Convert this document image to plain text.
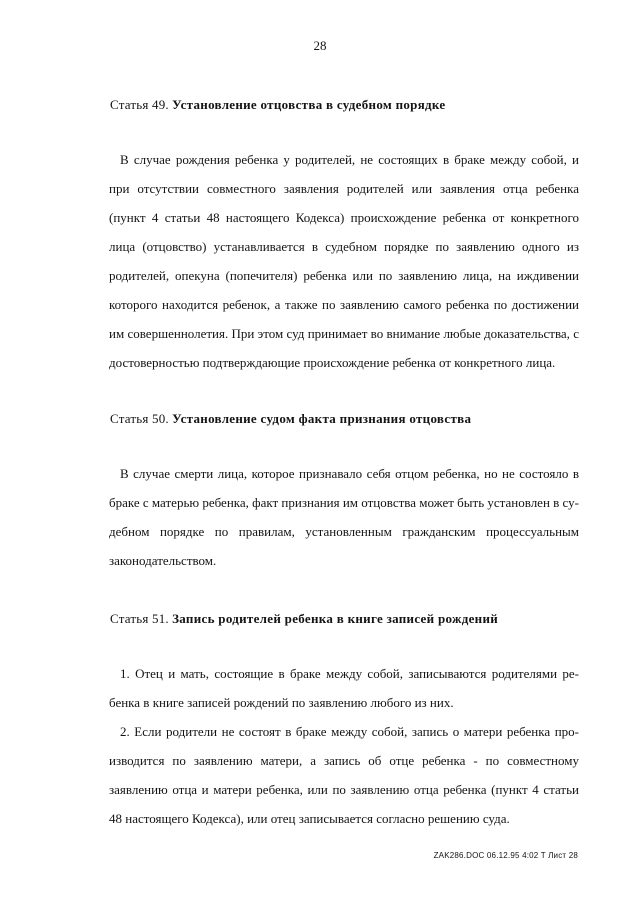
28
Статья 49. Установление отцовства в судебном порядке

В случае рождения ребенка у родителей, не состоящих в браке между собой, и при отсутствии совместного заявления родителей или заявления отца ребенка (пункт 4 статьи 48 настоящего Кодекса) происхождение ребенка от конкретного лица (отцовство) устанавливается в судебном порядке по заявлению одного из родителей, опекуна (попечителя) ребенка или по заявлению лица, на иждивении которого находится ребенок, а также по заявлению самого ребенка по достижении им совершеннолетия. При этом суд принимает во внимание любые доказательства, с достоверностью подтверждающие происхождение ребенка от конкретного лица.

Статья 50. Установление судом факта признания отцовства

В случае смерти лица, которое признавало себя отцом ребенка, но не состояло в браке с матерью ребенка, факт признания им отцовства может быть установлен в судебном порядке по правилам, установленным гражданским процессуальным законодательством.

Статья 51. Запись родителей ребенка в книге записей рождений

1. Отец и мать, состоящие в браке между собой, записываются родителями ребенка в книге записей рождений по заявлению любого из них.

2. Если родители не состоят в браке между собой, запись о матери ребенка производится по заявлению матери, а запись об отце ребенка - по совместному заявлению отца и матери ребенка, или по заявлению отца ребенка (пункт 4 статьи 48 настоящего Кодекса), или отец записывается согласно решению суда.

ZAK286.DOC 06.12.95 4:02 T Лист 28
